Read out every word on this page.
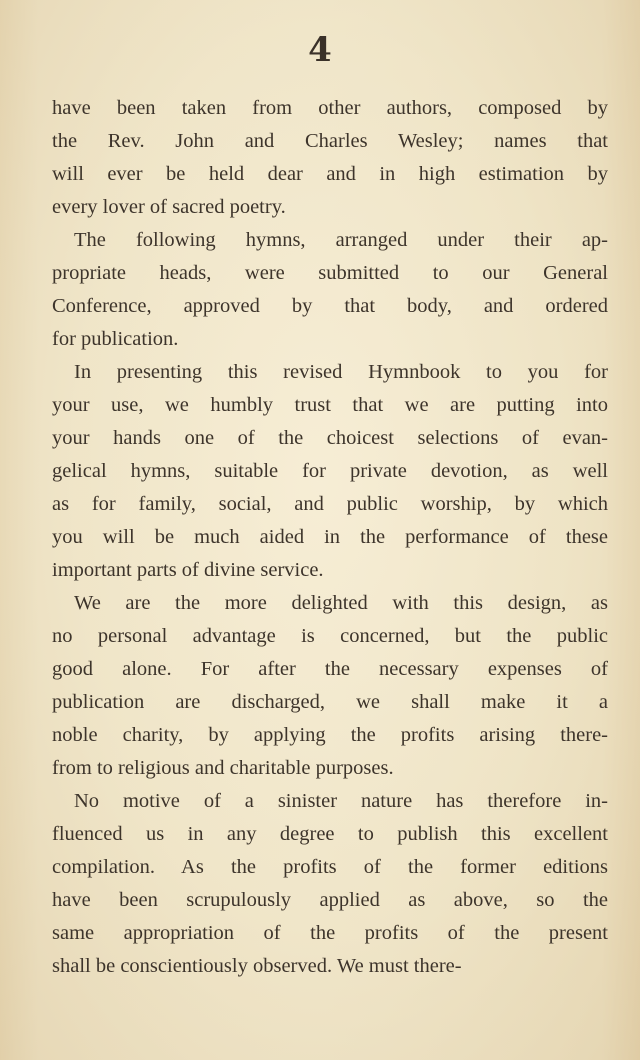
4
have been taken from other authors, composed by
the Rev. John and Charles Wesley; names that
will ever be held dear and in high estimation by
every lover of sacred poetry.
The following hymns, arranged under their ap-
propriate heads, were submitted to our General
Conference, approved by that body, and ordered
for publication.
In presenting this revised Hymnbook to you for
your use, we humbly trust that we are putting into
your hands one of the choicest selections of evan-
gelical hymns, suitable for private devotion, as well
as for family, social, and public worship, by which
you will be much aided in the performance of these
important parts of divine service.
We are the more delighted with this design, as
no personal advantage is concerned, but the public
good alone. For after the necessary expenses of
publication are discharged, we shall make it a
noble charity, by applying the profits arising there-
from to religious and charitable purposes.
No motive of a sinister nature has therefore in-
fluenced us in any degree to publish this excellent
compilation. As the profits of the former editions
have been scrupulously applied as above, so the
same appropriation of the profits of the present
shall be conscientiously observed. We must there-
